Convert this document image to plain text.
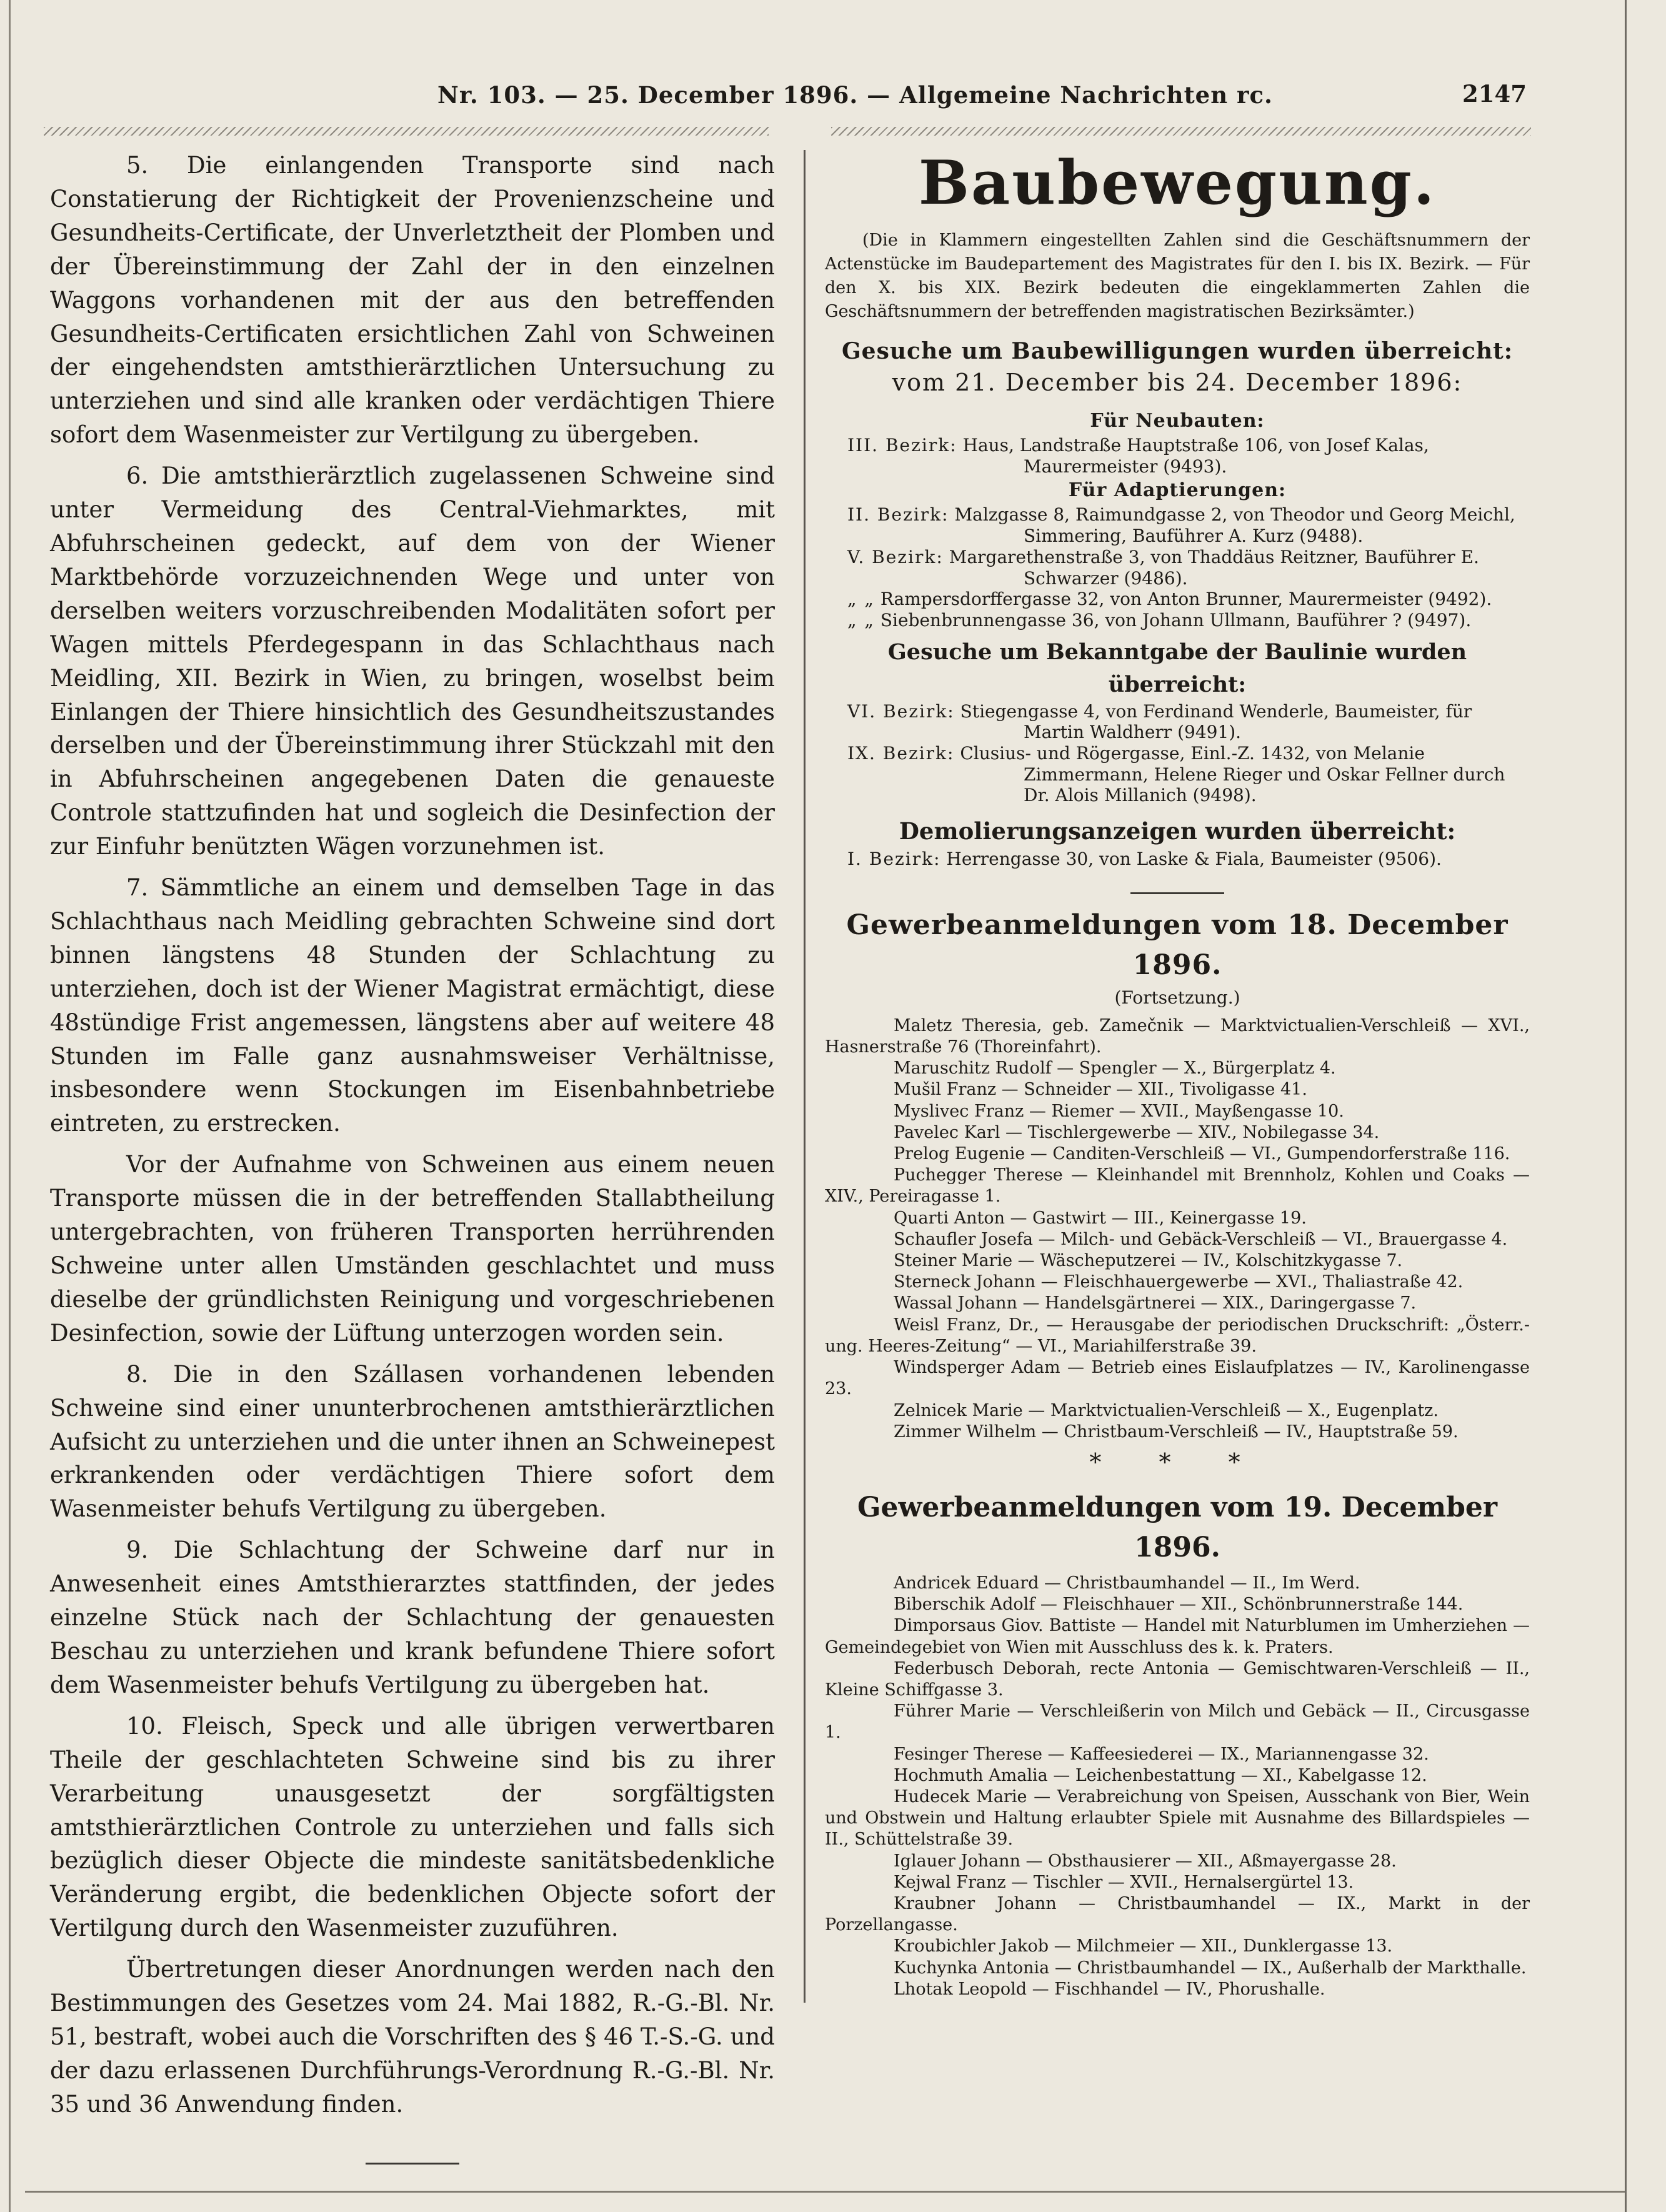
Nr. 103. — 25. December 1896. — Allgemeine Nachrichten rc.	2147

5. Die einlangenden Transporte sind nach Constatierung der Richtigkeit der Provenienzscheine und Gesundheits-Certificate, der Unverletztheit der Plomben und der Übereinstimmung der Zahl der in den einzelnen Waggons vorhandenen mit der aus den betreffenden Gesundheits-Certificaten ersichtlichen Zahl von Schweinen der eingehendsten amtsthierärztlichen Untersuchung zu unterziehen und sind alle kranken oder verdächtigen Thiere sofort dem Wasenmeister zur Vertilgung zu übergeben.

6. Die amtsthierärztlich zugelassenen Schweine sind unter Vermeidung des Central-Viehmarktes, mit Abfuhrscheinen gedeckt, auf dem von der Wiener Marktbehörde vorzuzeichnenden Wege und unter von derselben weiters vorzuschreibenden Modalitäten sofort per Wagen mittels Pferdegespann in das Schlachthaus nach Meidling, XII. Bezirk in Wien, zu bringen, woselbst beim Einlangen der Thiere hinsichtlich des Gesundheitszustandes derselben und der Übereinstimmung ihrer Stückzahl mit den in Abfuhrscheinen angegebenen Daten die genaueste Controle stattzufinden hat und sogleich die Desinfection der zur Einfuhr benützten Wägen vorzunehmen ist.

7. Sämmtliche an einem und demselben Tage in das Schlachthaus nach Meidling gebrachten Schweine sind dort binnen längstens 48 Stunden der Schlachtung zu unterziehen, doch ist der Wiener Magistrat ermächtigt, diese 48stündige Frist angemessen, längstens aber auf weitere 48 Stunden im Falle ganz ausnahmsweiser Verhältnisse, insbesondere wenn Stockungen im Eisenbahnbetriebe eintreten, zu erstrecken.

Vor der Aufnahme von Schweinen aus einem neuen Transporte müssen die in der betreffenden Stallabtheilung untergebrachten, von früheren Transporten herrührenden Schweine unter allen Umständen geschlachtet und muss dieselbe der gründlichsten Reinigung und vorgeschriebenen Desinfection, sowie der Lüftung unterzogen worden sein.

8. Die in den Szállasen vorhandenen lebenden Schweine sind einer ununterbrochenen amtsthierärztlichen Aufsicht zu unterziehen und die unter ihnen an Schweinepest erkrankenden oder verdächtigen Thiere sofort dem Wasenmeister behufs Vertilgung zu übergeben.

9. Die Schlachtung der Schweine darf nur in Anwesenheit eines Amtsthierarztes stattfinden, der jedes einzelne Stück nach der Schlachtung der genauesten Beschau zu unterziehen und krank befundene Thiere sofort dem Wasenmeister behufs Vertilgung zu übergeben hat.

10. Fleisch, Speck und alle übrigen verwertbaren Theile der geschlachteten Schweine sind bis zu ihrer Verarbeitung unausgesetzt der sorgfältigsten amtsthierärztlichen Controle zu unterziehen und falls sich bezüglich dieser Objecte die mindeste sanitätsbedenkliche Veränderung ergibt, die bedenklichen Objecte sofort der Vertilgung durch den Wasenmeister zuzuführen.

Übertretungen dieser Anordnungen werden nach den Bestimmungen des Gesetzes vom 24. Mai 1882, R.-G.-Bl. Nr. 51, bestraft, wobei auch die Vorschriften des § 46 T.-S.-G. und der dazu erlassenen Durchführungs-Verordnung R.-G.-Bl. Nr. 35 und 36 Anwendung finden.

Baubewegung.
(Die in Klammern eingestellten Zahlen sind die Geschäftsnummern der Actenstücke im Baudepartement des Magistrates für den I. bis IX. Bezirk. — Für den X. bis XIX. Bezirk bedeuten die eingeklammerten Zahlen die Geschäftsnummern der betreffenden magistratischen Bezirksämter.)
Gesuche um Baubewilligungen wurden überreicht:
vom 21. December bis 24. December 1896:
Für Neubauten:
III. Bezirk: Haus, Landstraße Hauptstraße 106, von Josef Kalas, Maurermeister (9493).
Für Adaptierungen:
II. Bezirk: Malzgasse 8, Raimundgasse 2, von Theodor und Georg Meichl, Simmering, Bauführer A. Kurz (9488).
V. Bezirk: Margarethenstraße 3, von Thaddäus Reitzner, Bauführer E. Schwarzer (9486).
„ „ Rampersdorffergasse 32, von Anton Brunner, Maurermeister (9492).
„ „ Siebenbrunnengasse 36, von Johann Ullmann, Bauführer ? (9497).
Gesuche um Bekanntgabe der Baulinie wurden überreicht:
VI. Bezirk: Stiegengasse 4, von Ferdinand Wenderle, Baumeister, für Martin Waldherr (9491).
IX. Bezirk: Clusius- und Rögergasse, Einl.-Z. 1432, von Melanie Zimmermann, Helene Rieger und Oskar Fellner durch Dr. Alois Millanich (9498).
Demolierungsanzeigen wurden überreicht:
I. Bezirk: Herrengasse 30, von Laske & Fiala, Baumeister (9506).
Gewerbeanmeldungen vom 18. December 1896.
(Fortsetzung.)

Maletz Theresia, geb. Zamečnik — Marktvictualien-Verschleiß — XVI., Hasnerstraße 76 (Thoreinfahrt).

Maruschitz Rudolf — Spengler — X., Bürgerplatz 4.

Mušil Franz — Schneider — XII., Tivoligasse 41.

Myslivec Franz — Riemer — XVII., Mayßengasse 10.

Pavelec Karl — Tischlergewerbe — XIV., Nobilegasse 34.

Prelog Eugenie — Canditen-Verschleiß — VI., Gumpendorferstraße 116.

Puchegger Therese — Kleinhandel mit Brennholz, Kohlen und Coaks — XIV., Pereiragasse 1.

Quarti Anton — Gastwirt — III., Keinergasse 19.

Schaufler Josefa — Milch- und Gebäck-Verschleiß — VI., Brauergasse 4.

Steiner Marie — Wäscheputzerei — IV., Kolschitzkygasse 7.

Sterneck Johann — Fleischhauergewerbe — XVI., Thaliastraße 42.

Wassal Johann — Handelsgärtnerei — XIX., Daringergasse 7.

Weisl Franz, Dr., — Herausgabe der periodischen Druckschrift: „Österr.-ung. Heeres-Zeitung“ — VI., Mariahilferstraße 39.

Windsperger Adam — Betrieb eines Eislaufplatzes — IV., Karolinengasse 23.

Zelnicek Marie — Marktvictualien-Verschleiß — X., Eugenplatz.

Zimmer Wilhelm — Christbaum-Verschleiß — IV., Hauptstraße 59.

* * *
Gewerbeanmeldungen vom 19. December 1896.

Andricek Eduard — Christbaumhandel — II., Im Werd.

Biberschik Adolf — Fleischhauer — XII., Schönbrunnerstraße 144.

Dimporsaus Giov. Battiste — Handel mit Naturblumen im Umherziehen — Gemeindegebiet von Wien mit Ausschluss des k. k. Praters.

Federbusch Deborah, recte Antonia — Gemischtwaren-Verschleiß — II., Kleine Schiffgasse 3.

Führer Marie — Verschleißerin von Milch und Gebäck — II., Circusgasse 1.

Fesinger Therese — Kaffeesiederei — IX., Mariannengasse 32.

Hochmuth Amalia — Leichenbestattung — XI., Kabelgasse 12.

Hudecek Marie — Verabreichung von Speisen, Ausschank von Bier, Wein und Obstwein und Haltung erlaubter Spiele mit Ausnahme des Billardspieles — II., Schüttelstraße 39.

Iglauer Johann — Obsthausierer — XII., Aßmayergasse 28.

Kejwal Franz — Tischler — XVII., Hernalsergürtel 13.

Kraubner Johann — Christbaumhandel — IX., Markt in der Porzellangasse.

Kroubichler Jakob — Milchmeier — XII., Dunklergasse 13.

Kuchynka Antonia — Christbaumhandel — IX., Außerhalb der Markthalle.

Lhotak Leopold — Fischhandel — IV., Phorushalle.
